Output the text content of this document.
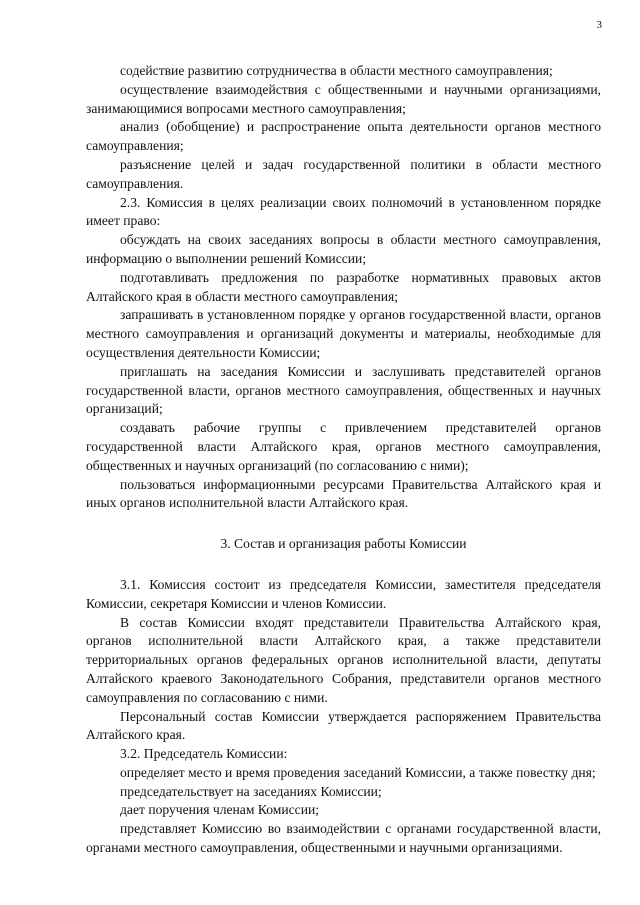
3

содействие развитию сотрудничества в области местного самоуправления;

осуществление взаимодействия с общественными и научными организациями, занимающимися вопросами местного самоуправления;

анализ (обобщение) и распространение опыта деятельности органов местного самоуправления;

разъяснение целей и задач государственной политики в области местного самоуправления.

2.3. Комиссия в целях реализации своих полномочий в установленном порядке имеет право:

обсуждать на своих заседаниях вопросы в области местного самоуправления, информацию о выполнении решений Комиссии;

подготавливать предложения по разработке нормативных правовых актов Алтайского края в области местного самоуправления;

запрашивать в установленном порядке у органов государственной власти, органов местного самоуправления и организаций документы и материалы, необходимые для осуществления деятельности Комиссии;

приглашать на заседания Комиссии и заслушивать представителей органов государственной власти, органов местного самоуправления, общественных и научных организаций;

создавать рабочие группы с привлечением представителей органов государственной власти Алтайского края, органов местного самоуправления, общественных и научных организаций (по согласованию с ними);

пользоваться информационными ресурсами Правительства Алтайского края и иных органов исполнительной власти Алтайского края.

3. Состав и организация работы Комиссии

3.1. Комиссия состоит из председателя Комиссии, заместителя председателя Комиссии, секретаря Комиссии и членов Комиссии.

В состав Комиссии входят представители Правительства Алтайского края, органов исполнительной власти Алтайского края, а также представители территориальных органов федеральных органов исполнительной власти, депутаты Алтайского краевого Законодательного Собрания, представители органов местного самоуправления по согласованию с ними.

Персональный состав Комиссии утверждается распоряжением Правительства Алтайского края.

3.2. Председатель Комиссии:

определяет место и время проведения заседаний Комиссии, а также повестку дня;

председательствует на заседаниях Комиссии;

дает поручения членам Комиссии;

представляет Комиссию во взаимодействии с органами государственной власти, органами местного самоуправления, общественными и научными организациями.
